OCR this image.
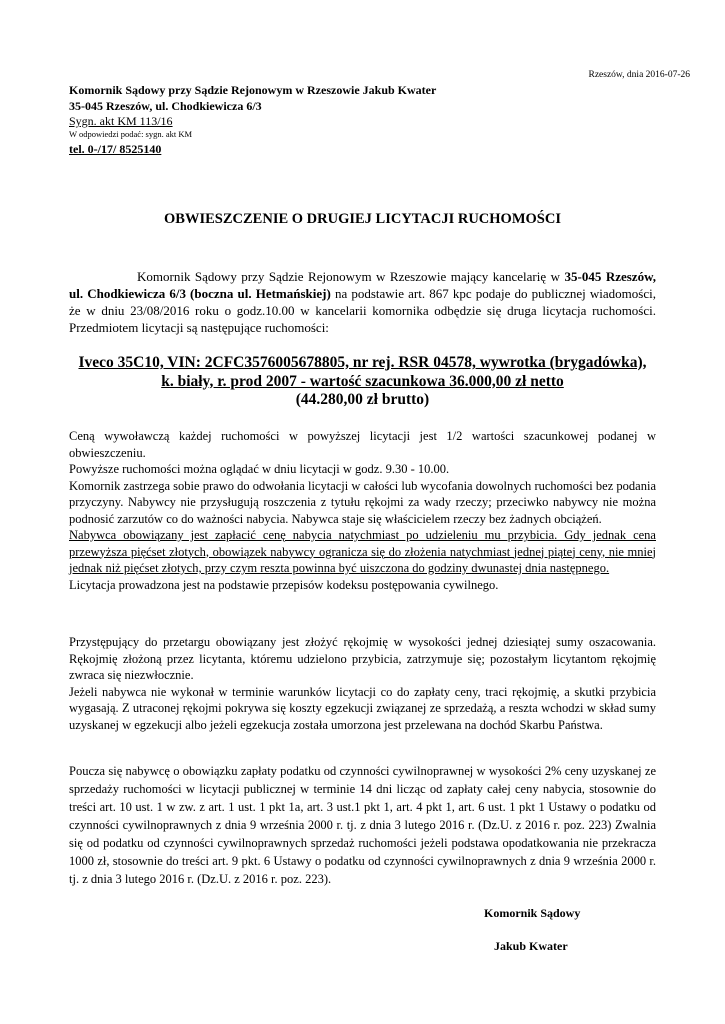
Rzeszów, dnia 2016-07-26
Komornik Sądowy przy Sądzie Rejonowym w Rzeszowie Jakub Kwater
35-045 Rzeszów, ul. Chodkiewicza 6/3
Sygn. akt KM 113/16
W odpowiedzi podać: sygn. akt KM
tel. 0-/17/ 8525140
OBWIESZCZENIE O DRUGIEJ LICYTACJI RUCHOMOŚCI
Komornik Sądowy przy Sądzie Rejonowym w Rzeszowie mający kancelarię w 35-045 Rzeszów, ul. Chodkiewicza 6/3 (boczna ul. Hetmańskiej) na podstawie art. 867 kpc podaje do publicznej wiadomości, że w dniu 23/08/2016 roku o godz.10.00 w kancelarii komornika odbędzie się druga licytacja ruchomości. Przedmiotem licytacji są następujące ruchomości:
Iveco 35C10, VIN: 2CFC3576005678805, nr rej. RSR 04578, wywrotka (brygadówka),
k. biały, r. prod 2007 - wartość szacunkowa 36.000,00 zł netto
(44.280,00 zł brutto)

Ceną wywoławczą każdej ruchomości w powyższej licytacji jest 1/2 wartości szacunkowej podanej w obwieszczeniu.

Powyższe ruchomości można oglądać w dniu licytacji w godz. 9.30 - 10.00.

Komornik zastrzega sobie prawo do odwołania licytacji w całości lub wycofania dowolnych ruchomości bez podania przyczyny. Nabywcy nie przysługują roszczenia z tytułu rękojmi za wady rzeczy; przeciwko nabywcy nie można podnosić zarzutów co do ważności nabycia. Nabywca staje się właścicielem rzeczy bez żadnych obciążeń.

Nabywca obowiązany jest zapłacić cenę nabycia natychmiast po udzieleniu mu przybicia. Gdy jednak cena przewyższa pięćset złotych, obowiązek nabywcy ogranicza się do złożenia natychmiast jednej piątej ceny, nie mniej jednak niż pięćset złotych, przy czym reszta powinna być uiszczona do godziny dwunastej dnia następnego.

Licytacja prowadzona jest na podstawie przepisów kodeksu postępowania cywilnego.

Przystępujący do przetargu obowiązany jest złożyć rękojmię w wysokości jednej dziesiątej sumy oszacowania. Rękojmię złożoną przez licytanta, któremu udzielono przybicia, zatrzymuje się; pozostałym licytantom rękojmię zwraca się niezwłocznie.

Jeżeli nabywca nie wykonał w terminie warunków licytacji co do zapłaty ceny, traci rękojmię, a skutki przybicia wygasają. Z utraconej rękojmi pokrywa się koszty egzekucji związanej ze sprzedażą, a reszta wchodzi w skład sumy uzyskanej w egzekucji albo jeżeli egzekucja została umorzona jest przelewana na dochód Skarbu Państwa.

Poucza się nabywcę o obowiązku zapłaty podatku od czynności cywilnoprawnej w wysokości 2% ceny uzyskanej ze sprzedaży ruchomości w licytacji publicznej w terminie 14 dni licząc od zapłaty całej ceny nabycia, stosownie do treści art. 10 ust. 1 w zw. z art. 1 ust. 1 pkt 1a, art. 3 ust.1 pkt 1, art. 4 pkt 1, art. 6 ust. 1 pkt 1 Ustawy o podatku od czynności cywilnoprawnych z dnia 9 września 2000 r. tj. z dnia 3 lutego 2016 r. (Dz.U. z 2016 r. poz. 223) Zwalnia się od podatku od czynności cywilnoprawnych sprzedaż ruchomości jeżeli podstawa opodatkowania nie przekracza 1000 zł, stosownie do treści art. 9 pkt. 6 Ustawy o podatku od czynności cywilnoprawnych z dnia 9 września 2000 r. tj. z dnia 3 lutego 2016 r. (Dz.U. z 2016 r. poz. 223).

Komornik Sądowy
Jakub Kwater
